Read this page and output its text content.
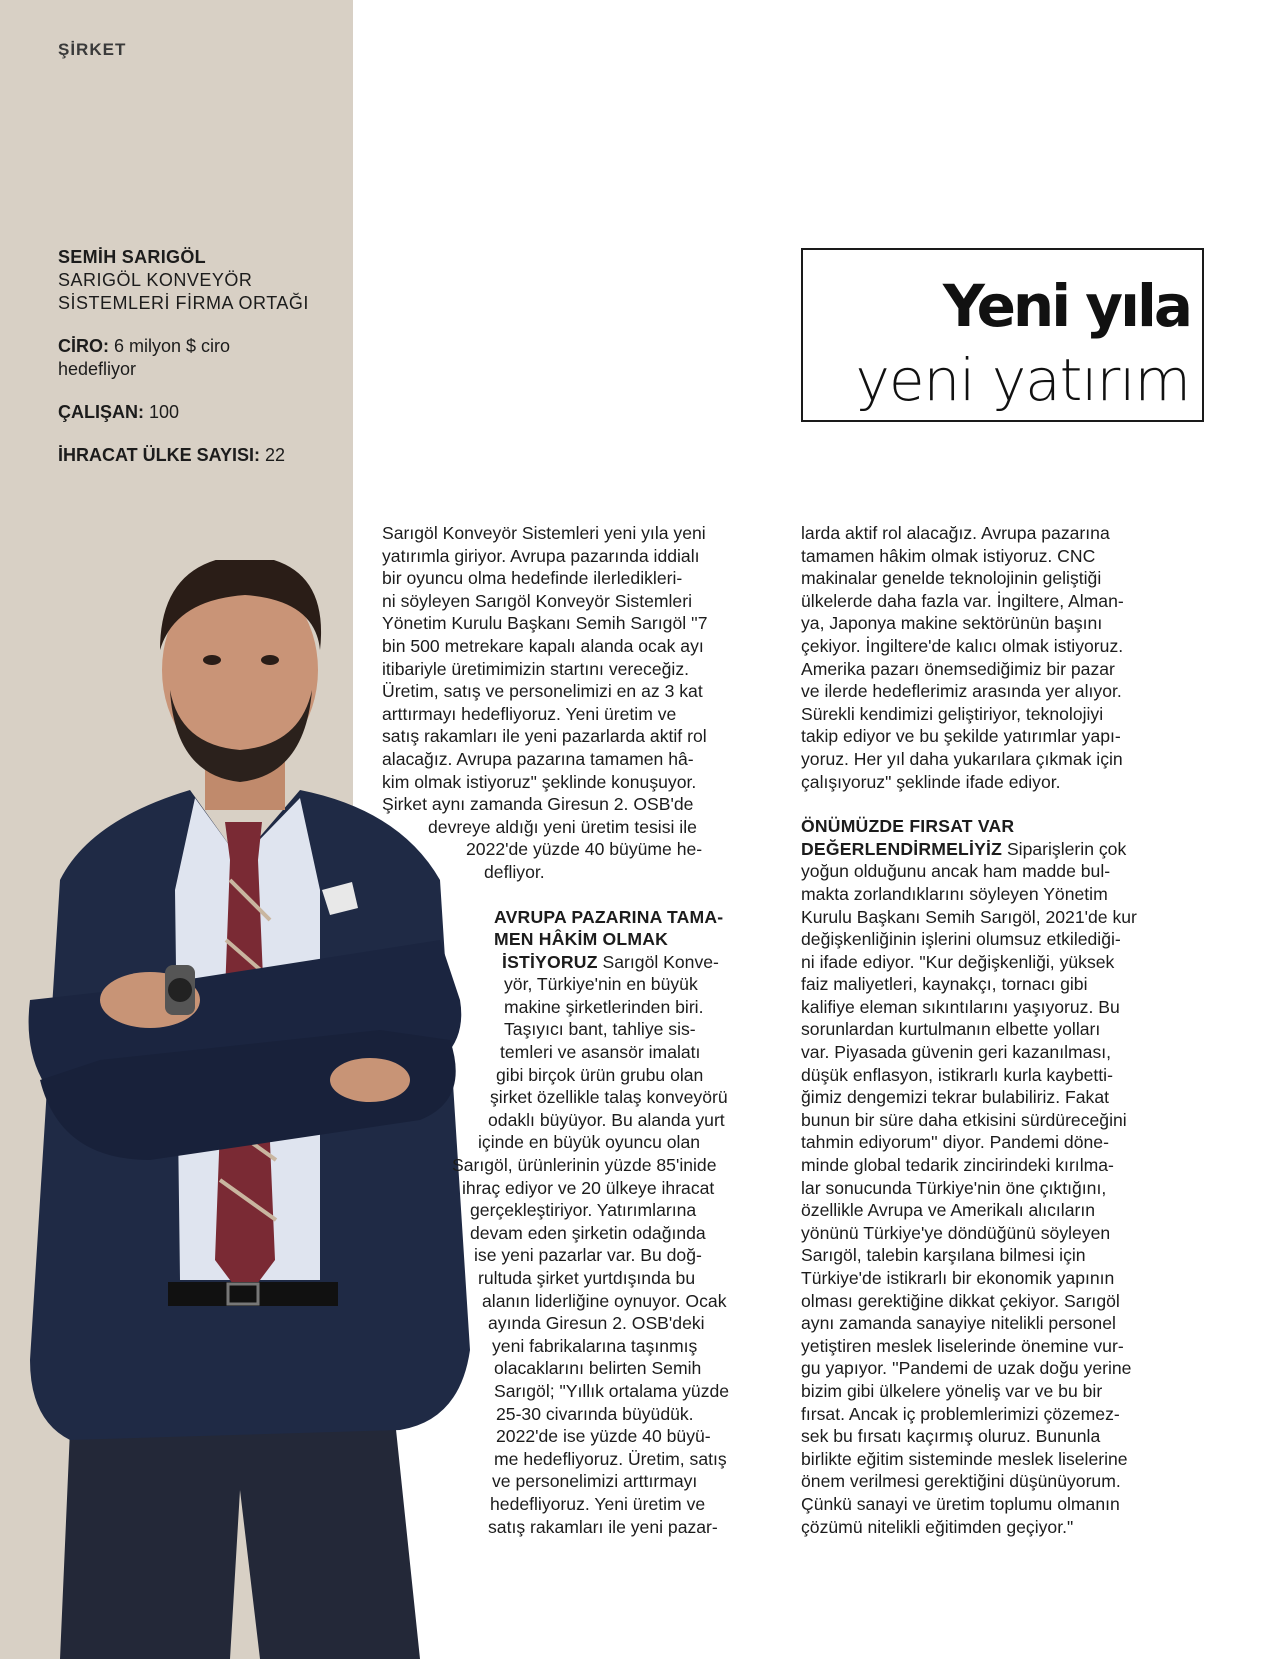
ŞİRKET
SEMİH SARIGÖL
SARIGÖL KONVEYÖR
SİSTEMLERİ FİRMA ORTAĞI
CİRO: 6 milyon $ ciro
hedefliyor
ÇALIŞAN: 100
İHRACAT ÜLKE SAYISI: 22
Yeni yıla
yeni yatırım
Sarıgöl Konveyör Sistemleri yeni yıla yeni
yatırımla giriyor. Avrupa pazarında iddialı
bir oyuncu olma hedefinde ilerledikleri-
ni söyleyen Sarıgöl Konveyör Sistemleri
Yönetim Kurulu Başkanı Semih Sarıgöl ''7
bin 500 metrekare kapalı alanda ocak ayı
itibariyle üretimimizin startını vereceğiz.
Üretim, satış ve personelimizi en az 3 kat
arttırmayı hedefliyoruz. Yeni üretim ve
satış rakamları ile yeni pazarlarda aktif rol
alacağız. Avrupa pazarına tamamen hâ-
kim olmak istiyoruz" şeklinde konuşuyor.
Şirket aynı zamanda Giresun 2. OSB'de
devreye aldığı yeni üretim tesisi ile
2022'de yüzde 40 büyüme he-
defliyor.
AVRUPA PAZARINA TAMA-
MEN HÂKİM OLMAK
İSTİYORUZ Sarıgöl Konve-
yör, Türkiye'nin en büyük
makine şirketlerinden biri.
Taşıyıcı bant, tahliye sis-
temleri ve asansör imalatı
gibi birçok ürün grubu olan
şirket özellikle talaş konveyörü
odaklı büyüyor. Bu alanda yurt
içinde en büyük oyuncu olan
Sarıgöl, ürünlerinin yüzde 85'inide
ihraç ediyor ve 20 ülkeye ihracat
gerçekleştiriyor. Yatırımlarına
devam eden şirketin odağında
ise yeni pazarlar var. Bu doğ-
rultuda şirket yurtdışında bu
alanın liderliğine oynuyor. Ocak
ayında Giresun 2. OSB'deki
yeni fabrikalarına taşınmış
olacaklarını belirten Semih
Sarıgöl; "Yıllık ortalama yüzde
25-30 civarında büyüdük.
2022'de ise yüzde 40 büyü-
me hedefliyoruz. Üretim, satış
ve personelimizi arttırmayı
hedefliyoruz. Yeni üretim ve
satış rakamları ile yeni pazar-
larda aktif rol alacağız. Avrupa pazarına
tamamen hâkim olmak istiyoruz. CNC
makinalar genelde teknolojinin geliştiği
ülkelerde daha fazla var. İngiltere, Alman-
ya, Japonya makine sektörünün başını
çekiyor. İngiltere'de kalıcı olmak istiyoruz.
Amerika pazarı önemsediğimiz bir pazar
ve ilerde hedeflerimiz arasında yer alıyor.
Sürekli kendimizi geliştiriyor, teknolojiyi
takip ediyor ve bu şekilde yatırımlar yapı-
yoruz. Her yıl daha yukarılara çıkmak için
çalışıyoruz" şeklinde ifade ediyor.
ÖNÜMÜZDE FIRSAT VAR
DEĞERLENDİRMELİYİZ Siparişlerin çok
yoğun olduğunu ancak ham madde bul-
makta zorlandıklarını söyleyen Yönetim
Kurulu Başkanı Semih Sarıgöl, 2021'de kur
değişkenliğinin işlerini olumsuz etkilediği-
ni ifade ediyor. "Kur değişkenliği, yüksek
faiz maliyetleri, kaynakçı, tornacı gibi
kalifiye eleman sıkıntılarını yaşıyoruz. Bu
sorunlardan kurtulmanın elbette yolları
var. Piyasada güvenin geri kazanılması,
düşük enflasyon, istikrarlı kurla kaybetti-
ğimiz dengemizi tekrar bulabiliriz. Fakat
bunun bir süre daha etkisini sürdüreceğini
tahmin ediyorum'' diyor. Pandemi döne-
minde global tedarik zincirindeki kırılma-
lar sonucunda Türkiye'nin öne çıktığını,
özellikle Avrupa ve Amerikalı alıcıların
yönünü Türkiye'ye döndüğünü söyleyen
Sarıgöl, talebin karşılana bilmesi için
Türkiye'de istikrarlı bir ekonomik yapının
olması gerektiğine dikkat çekiyor. Sarıgöl
aynı zamanda sanayiye nitelikli personel
yetiştiren meslek liselerinde önemine vur-
gu yapıyor. ''Pandemi de uzak doğu yerine
bizim gibi ülkelere yöneliş var ve bu bir
fırsat. Ancak iç problemlerimizi çözemez-
sek bu fırsatı kaçırmış oluruz. Bununla
birlikte eğitim sisteminde meslek liselerine
önem verilmesi gerektiğini düşünüyorum.
Çünkü sanayi ve üretim toplumu olmanın
çözümü nitelikli eğitimden geçiyor."
